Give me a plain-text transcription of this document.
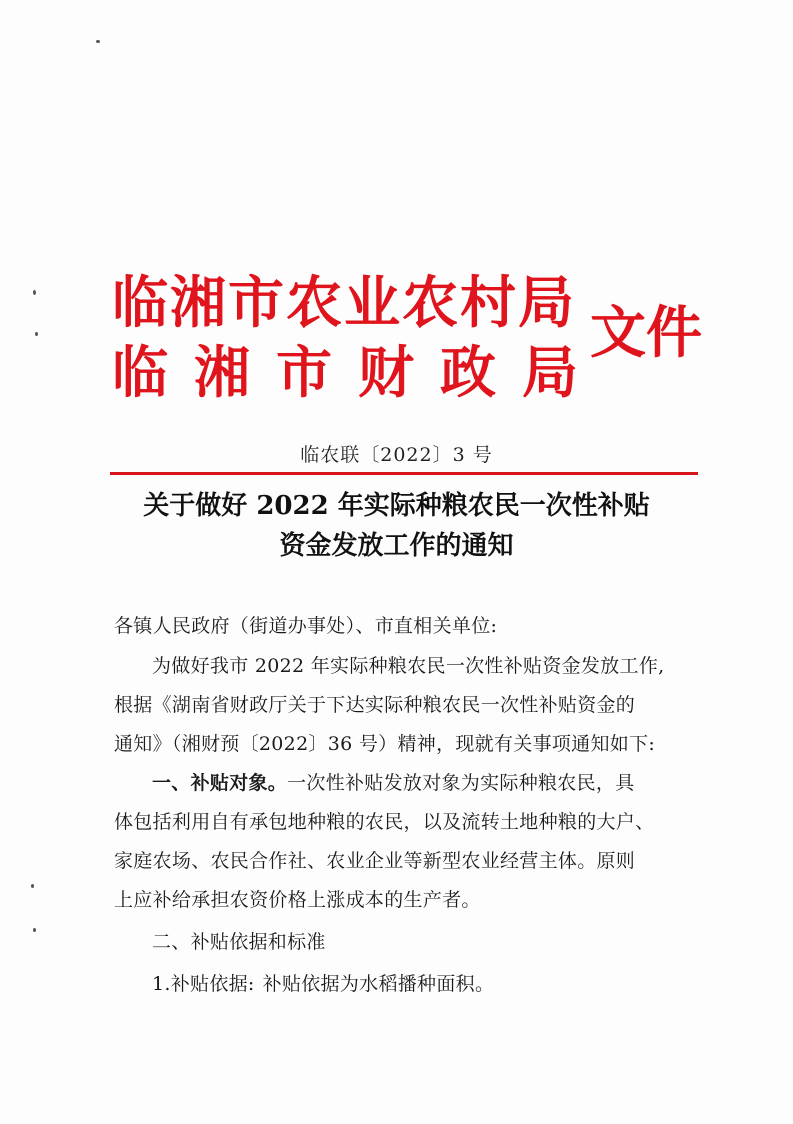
临湘市农业农村局
临湘市财政局
文件
临农联〔2022〕3 号
关于做好 2022 年实际种粮农民一次性补贴
资金发放工作的通知
各镇人民政府（街道办事处）、市直相关单位:
为做好我市 2022 年实际种粮农民一次性补贴资金发放工作,
根据《湖南省财政厅关于下达实际种粮农民一次性补贴资金的
通知》（湘财预〔2022〕36 号）精神，现就有关事项通知如下:
一、补贴对象。一次性补贴发放对象为实际种粮农民，具
体包括利用自有承包地种粮的农民，以及流转土地种粮的大户、
家庭农场、农民合作社、农业企业等新型农业经营主体。原则
上应补给承担农资价格上涨成本的生产者。
二、补贴依据和标准
1.补贴依据: 补贴依据为水稻播种面积。
